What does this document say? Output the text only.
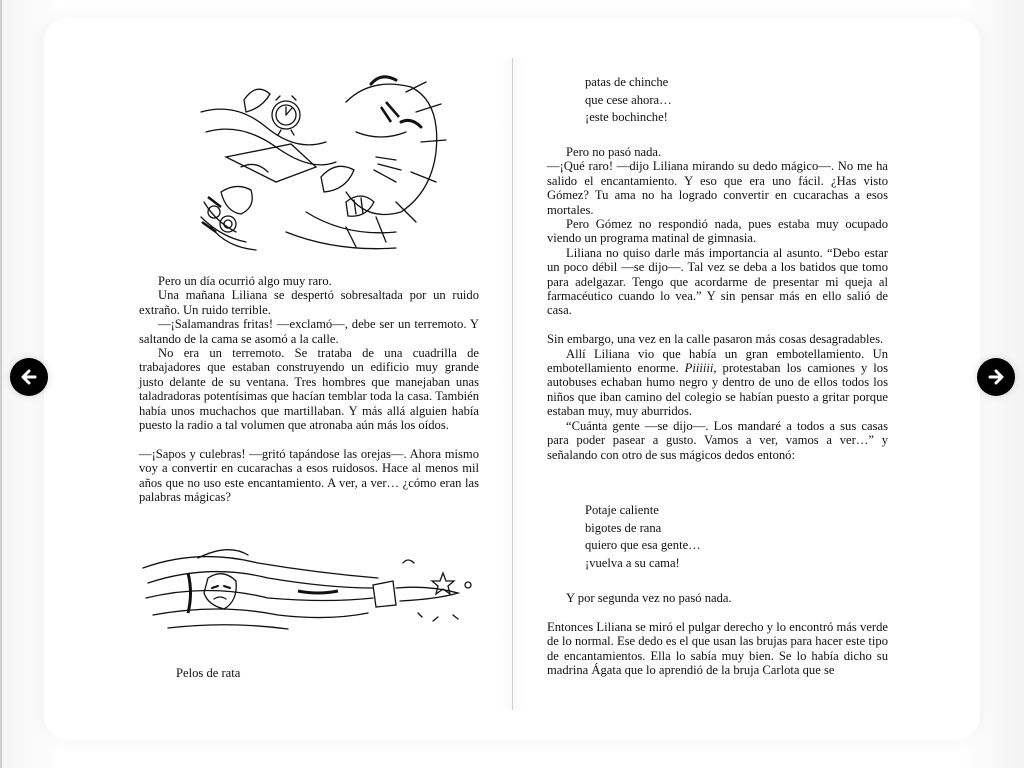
Pero un día ocurrió algo muy raro.

Una mañana Liliana se despertó sobresaltada por un ruido extraño. Un ruido terrible.

—¡Salamandras fritas! —exclamó—, debe ser un terremoto. Y saltando de la cama se asomó a la calle.

No era un terremoto. Se trataba de una cuadrilla de trabajadores que estaban construyendo un edificio muy grande justo delante de su ventana. Tres hombres que manejaban unas taladradoras potentísimas que hacían temblar toda la casa. También había unos muchachos que martillaban. Y más allá alguien había puesto la radio a tal volumen que atronaba aún más los oídos.

—¡Sapos y culebras! —gritó tapándose las orejas—. Ahora mismo voy a convertir en cucarachas a esos ruidosos. Hace al menos mil años que no uso este encantamiento. A ver, a ver… ¿cómo eran las palabras mágicas?

Pelos de rata
patas de chinche
que cese ahora…
¡este bochinche!

Pero no pasó nada.

—¡Qué raro! —dijo Liliana mirando su dedo mágico—. No me ha salido el encantamiento. Y eso que era uno fácil. ¿Has visto Gómez? Tu ama no ha logrado convertir en cucarachas a esos mortales.

Pero Gómez no respondió nada, pues estaba muy ocupado viendo un programa matinal de gimnasia.

Liliana no quiso darle más importancia al asunto. “Debo estar un poco débil —se dijo—. Tal vez se deba a los batidos que tomo para adelgazar. Tengo que acordarme de presentar mi queja al farmacéutico cuando lo vea.” Y sin pensar más en ello salió de casa.

Sin embargo, una vez en la calle pasaron más cosas desagradables.

Allí Liliana vio que había un gran embotellamiento. Un embotellamiento enorme. Piiiiii, protestaban los camiones y los autobuses echaban humo negro y dentro de uno de ellos todos los niños que iban camino del colegio se habían puesto a gritar porque estaban muy, muy aburridos.

“Cuánta gente —se dijo—. Los mandaré a todos a sus casas para poder pasear a gusto. Vamos a ver, vamos a ver…” y señalando con otro de sus mágicos dedos entonó:

Potaje caliente
bigotes de rana
quiero que esa gente…
¡vuelva a su cama!

Y por segunda vez no pasó nada.

Entonces Liliana se miró el pulgar derecho y lo encontró más verde de lo normal. Ese dedo es el que usan las brujas para hacer este tipo de encantamientos. Ella lo sabía muy bien. Se lo había dicho su madrina Ágata que lo aprendió de la bruja Carlota que se
